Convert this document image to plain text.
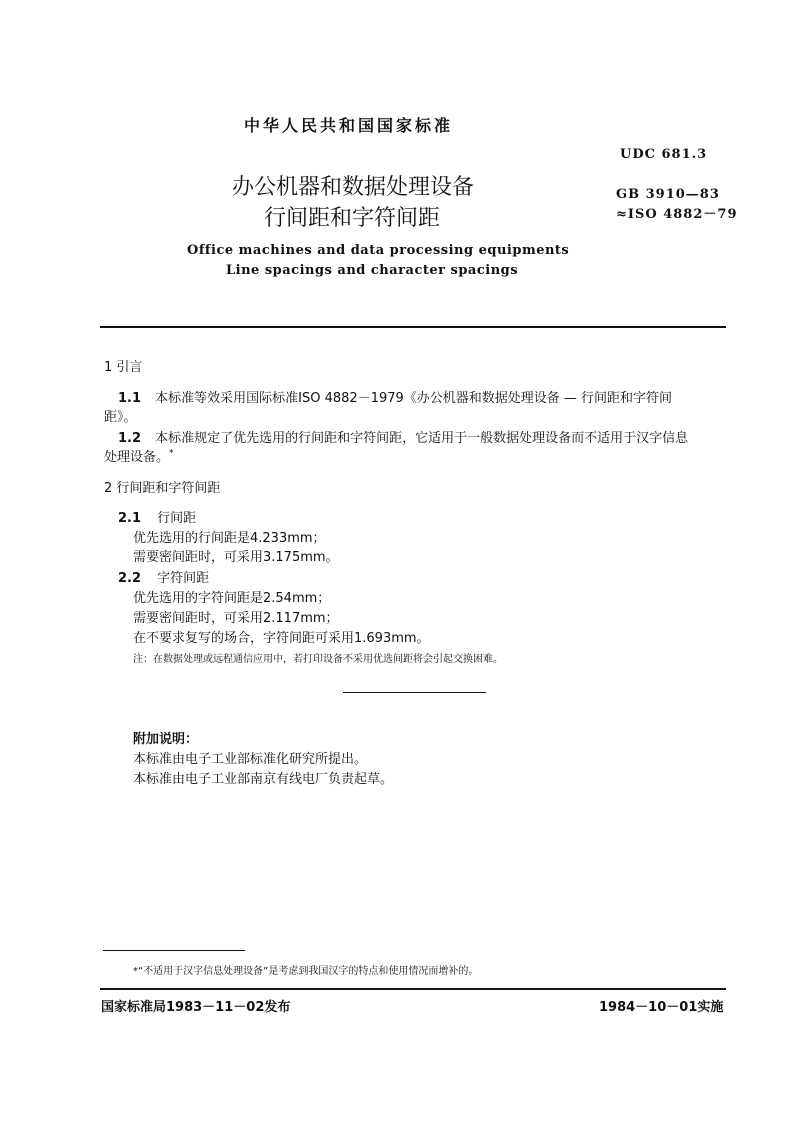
中华人民共和国国家标准
UDC 681.3
办公机器和数据处理设备
行间距和字符间距
GB 3910—83
≈ISO 4882－79
Office machines and data processing equipments
Line spacings and character spacings
1 引言
1.1 本标准等效采用国际标准ISO 4882－1979《办公机器和数据处理设备 — 行间距和字符间
距》。
1.2 本标准规定了优先选用的行间距和字符间距，它适用于一般数据处理设备而不适用于汉字信息
处理设备。*
2 行间距和字符间距
2.1 行间距
优先选用的行间距是4.233mm；
需要密间距时，可采用3.175mm。
2.2 字符间距
优先选用的字符间距是2.54mm；
需要密间距时，可采用2.117mm；
在不要求复写的场合，字符间距可采用1.693mm。
注：在数据处理或远程通信应用中，若打印设备不采用优选间距将会引起交换困难。
附加说明：
本标准由电子工业部标准化研究所提出。
本标准由电子工业部南京有线电厂负责起草。
*“不适用于汉字信息处理设备”是考虑到我国汉字的特点和使用情况而增补的。
国家标准局1983－11－02发布	1984－10－01实施
